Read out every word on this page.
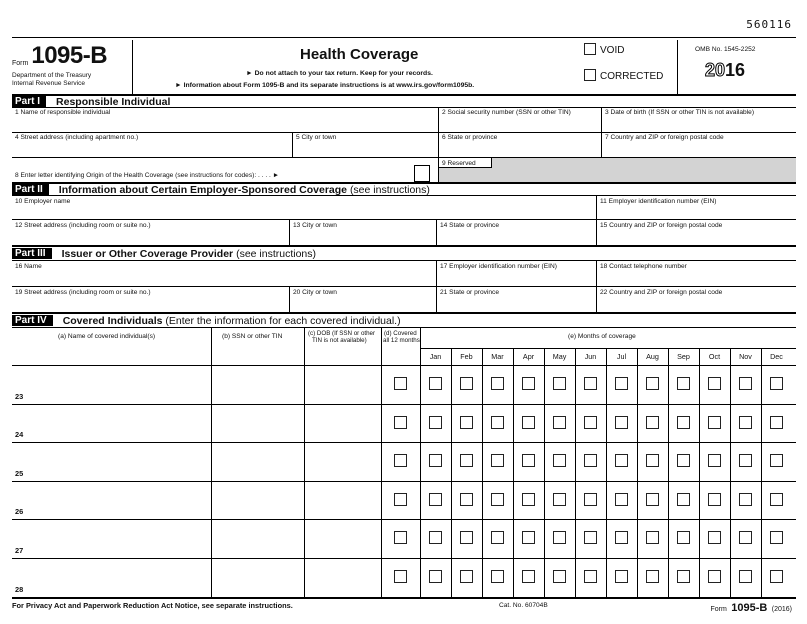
560116
Form 1095-B
Department of the Treasury
Internal Revenue Service
Health Coverage
► Do not attach to your tax return. Keep for your records.
► Information about Form 1095-B and its separate instructions is at www.irs.gov/form1095b.
VOID
CORRECTED
OMB No. 1545-2252
2016
Part I	Responsible Individual
1 Name of responsible individual	2 Social security number (SSN or other TIN)	3 Date of birth (If SSN or other TIN is not available)
4 Street address (including apartment no.)	5 City or town	6 State or province	7 Country and ZIP or foreign postal code
9 Reserved
8 Enter letter identifying Origin of the Health Coverage (see instructions for codes): . . . . ►
Part II	Information about Certain Employer-Sponsored Coverage (see instructions)
10 Employer name	11 Employer identification number (EIN)
12 Street address (including room or suite no.)	13 City or town	14 State or province	15 Country and ZIP or foreign postal code
Part III	Issuer or Other Coverage Provider (see instructions)
16 Name	17 Employer identification number (EIN)	18 Contact telephone number
19 Street address (including room or suite no.)	20 City or town	21 State or province	22 Country and ZIP or foreign postal code
Part IV	Covered Individuals (Enter the information for each covered individual.)
(a) Name of covered individual(s)	(b) SSN or other TIN	(c) DOB (If SSN or other
TIN is not available)
(d) Covered
all 12 months
(e) Months of coverage
Jan	Feb	Mar	Apr	May	Jun	Jul	Aug	Sep	Oct	Nov	Dec
23
24
25
26
27
28
For Privacy Act and Paperwork Reduction Act Notice, see separate instructions.	Cat. No. 60704B
Form 1095-B (2016)
